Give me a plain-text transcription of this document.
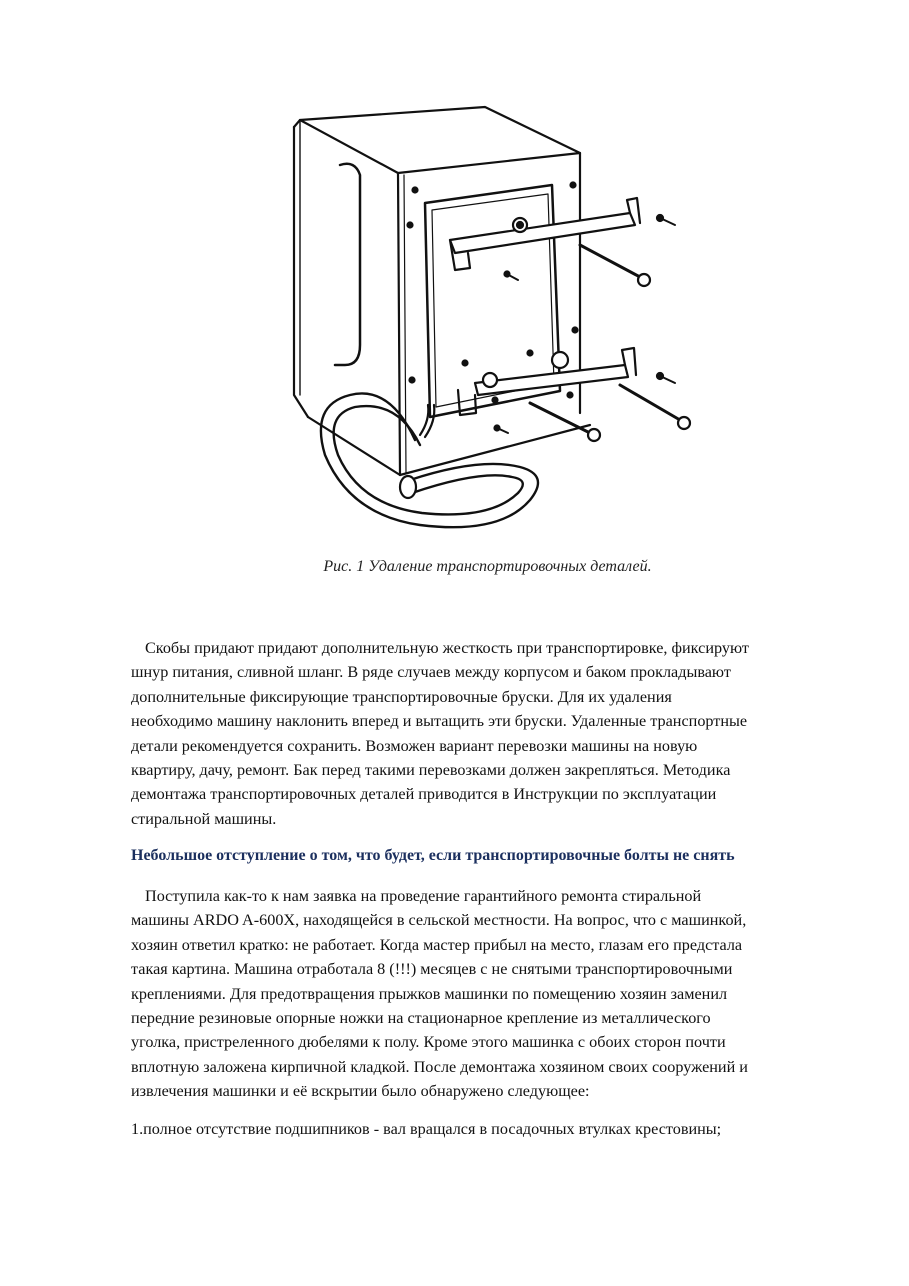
Рис. 1 Удаление транспортировочных деталей.

Скобы придают придают дополнительную жесткость при транспортировке, фиксируют
шнур питания, сливной шланг. В ряде случаев между корпусом и баком прокладывают
дополнительные фиксирующие транспортировочные бруски. Для их удаления
необходимо машину наклонить вперед и вытащить эти бруски. Удаленные транспортные
детали рекомендуется сохранить. Возможен вариант перевозки машины на новую
квартиру, дачу, ремонт. Бак перед такими перевозками должен закрепляться. Методика
демонтажа транспортировочных деталей приводится в Инструкции по эксплуатации
стиральной машины.

Небольшое отступление о том, что будет, если транспортировочные болты не снять

Поступила как-то к нам заявка на проведение гарантийного ремонта стиральной
машины ARDO A-600X, находящейся в сельской местности. На вопрос, что с машинкой,
хозяин ответил кратко: не работает. Когда мастер прибыл на место, глазам его предстала
такая картина. Машина отработала 8 (!!!) месяцев с не снятыми транспортировочными
креплениями. Для предотвращения прыжков машинки по помещению хозяин заменил
передние резиновые опорные ножки на стационарное крепление из металлического
уголка, пристреленного дюбелями к полу. Кроме этого машинка с обоих сторон почти
вплотную заложена кирпичной кладкой. После демонтажа хозяином своих сооружений и
извлечения машинки и её вскрытии было обнаружено следующее:

1.полное отсутствие подшипников - вал вращался в посадочных втулках крестовины;
